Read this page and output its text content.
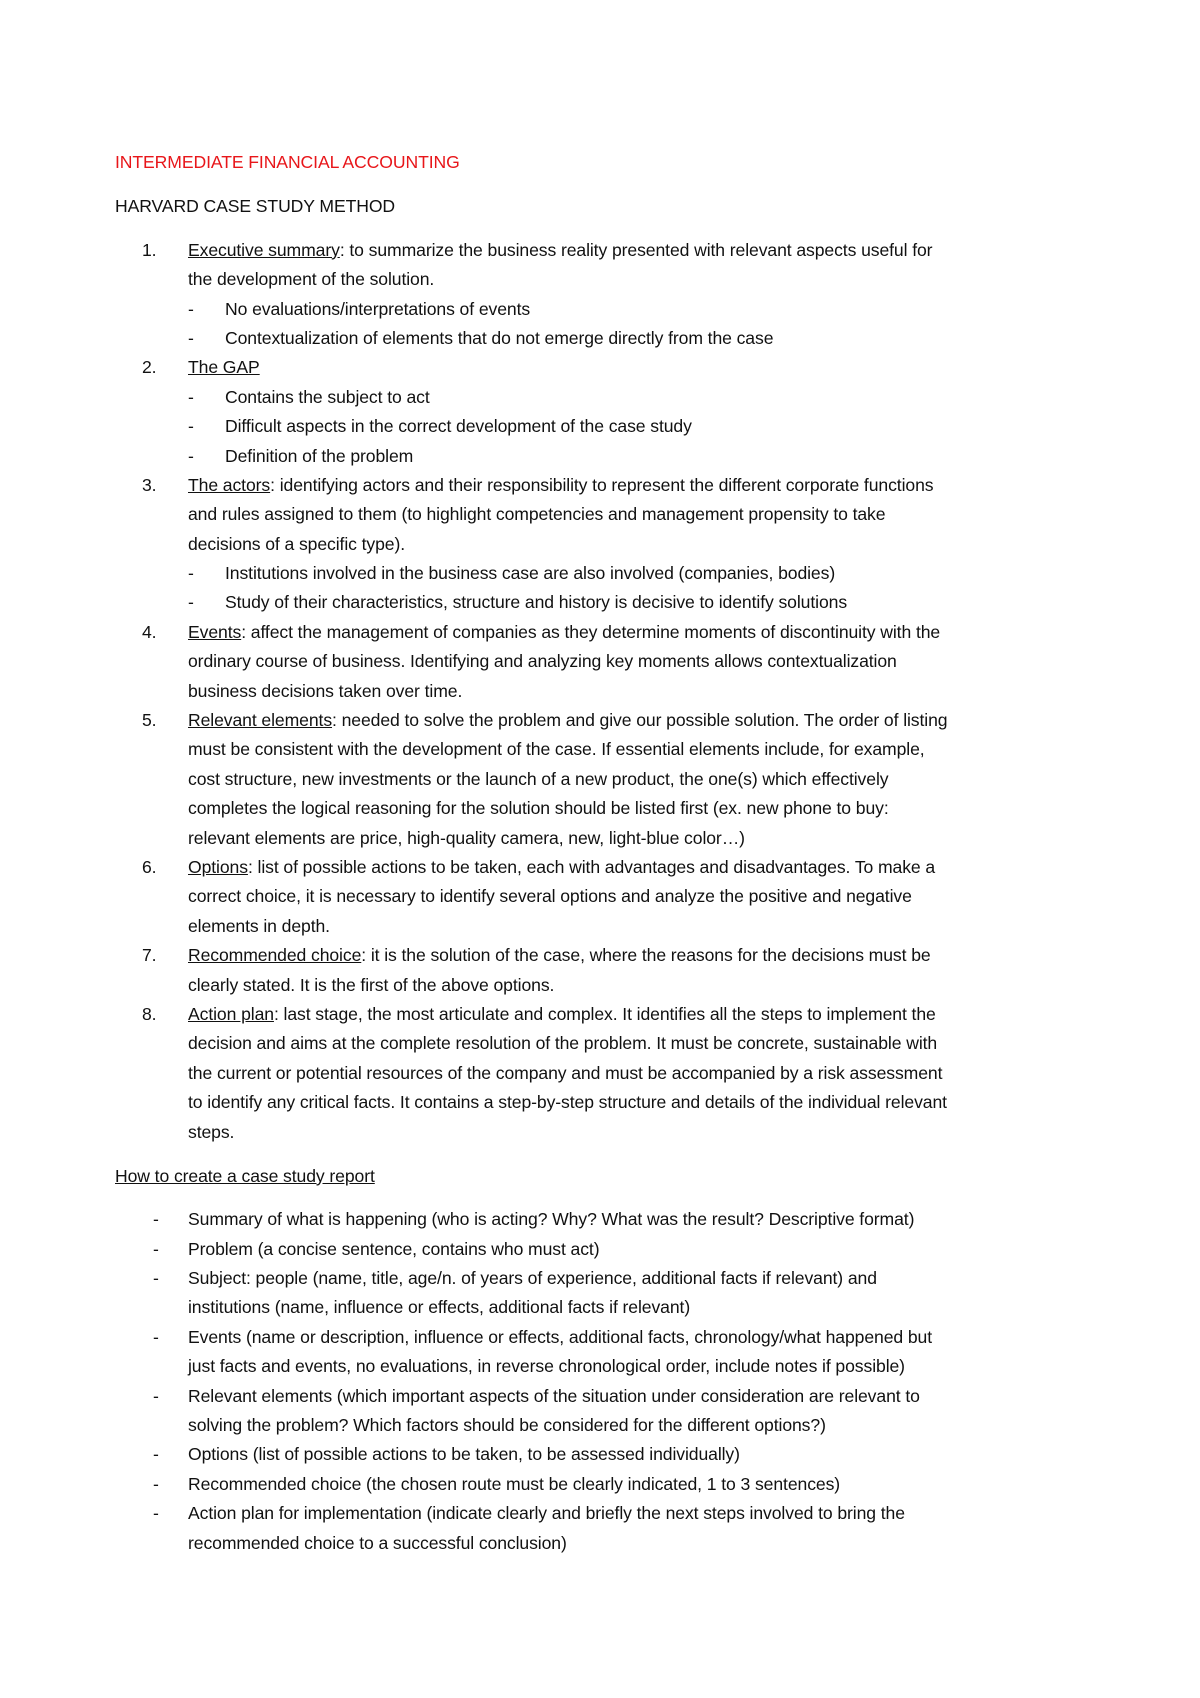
INTERMEDIATE FINANCIAL ACCOUNTING
HARVARD CASE STUDY METHOD
1.	Executive summary: to summarize the business reality presented with relevant aspects useful for
the development of the solution.
- No evaluations/interpretations of events
- Contextualization of elements that do not emerge directly from the case
2.	The GAP
- Contains the subject to act
- Difficult aspects in the correct development of the case study
- Definition of the problem
3.	The actors: identifying actors and their responsibility to represent the different corporate functions
and rules assigned to them (to highlight competencies and management propensity to take
decisions of a specific type).
- Institutions involved in the business case are also involved (companies, bodies)
- Study of their characteristics, structure and history is decisive to identify solutions
4.	Events: affect the management of companies as they determine moments of discontinuity with the
ordinary course of business. Identifying and analyzing key moments allows contextualization
business decisions taken over time.
5.	Relevant elements: needed to solve the problem and give our possible solution. The order of listing
must be consistent with the development of the case. If essential elements include, for example,
cost structure, new investments or the launch of a new product, the one(s) which effectively
completes the logical reasoning for the solution should be listed first (ex. new phone to buy:
relevant elements are price, high-quality camera, new, light-blue color…)
6.	Options: list of possible actions to be taken, each with advantages and disadvantages. To make a
correct choice, it is necessary to identify several options and analyze the positive and negative
elements in depth.
7.	Recommended choice: it is the solution of the case, where the reasons for the decisions must be
clearly stated. It is the first of the above options.
8.	Action plan: last stage, the most articulate and complex. It identifies all the steps to implement the
decision and aims at the complete resolution of the problem. It must be concrete, sustainable with
the current or potential resources of the company and must be accompanied by a risk assessment
to identify any critical facts. It contains a step-by-step structure and details of the individual relevant
steps.
How to create a case study report
- Summary of what is happening (who is acting? Why? What was the result? Descriptive format)
- Problem (a concise sentence, contains who must act)
- Subject: people (name, title, age/n. of years of experience, additional facts if relevant) and
institutions (name, influence or effects, additional facts if relevant)
- Events (name or description, influence or effects, additional facts, chronology/what happened but
just facts and events, no evaluations, in reverse chronological order, include notes if possible)
- Relevant elements (which important aspects of the situation under consideration are relevant to
solving the problem? Which factors should be considered for the different options?)
- Options (list of possible actions to be taken, to be assessed individually)
- Recommended choice (the chosen route must be clearly indicated, 1 to 3 sentences)
- Action plan for implementation (indicate clearly and briefly the next steps involved to bring the
recommended choice to a successful conclusion)
